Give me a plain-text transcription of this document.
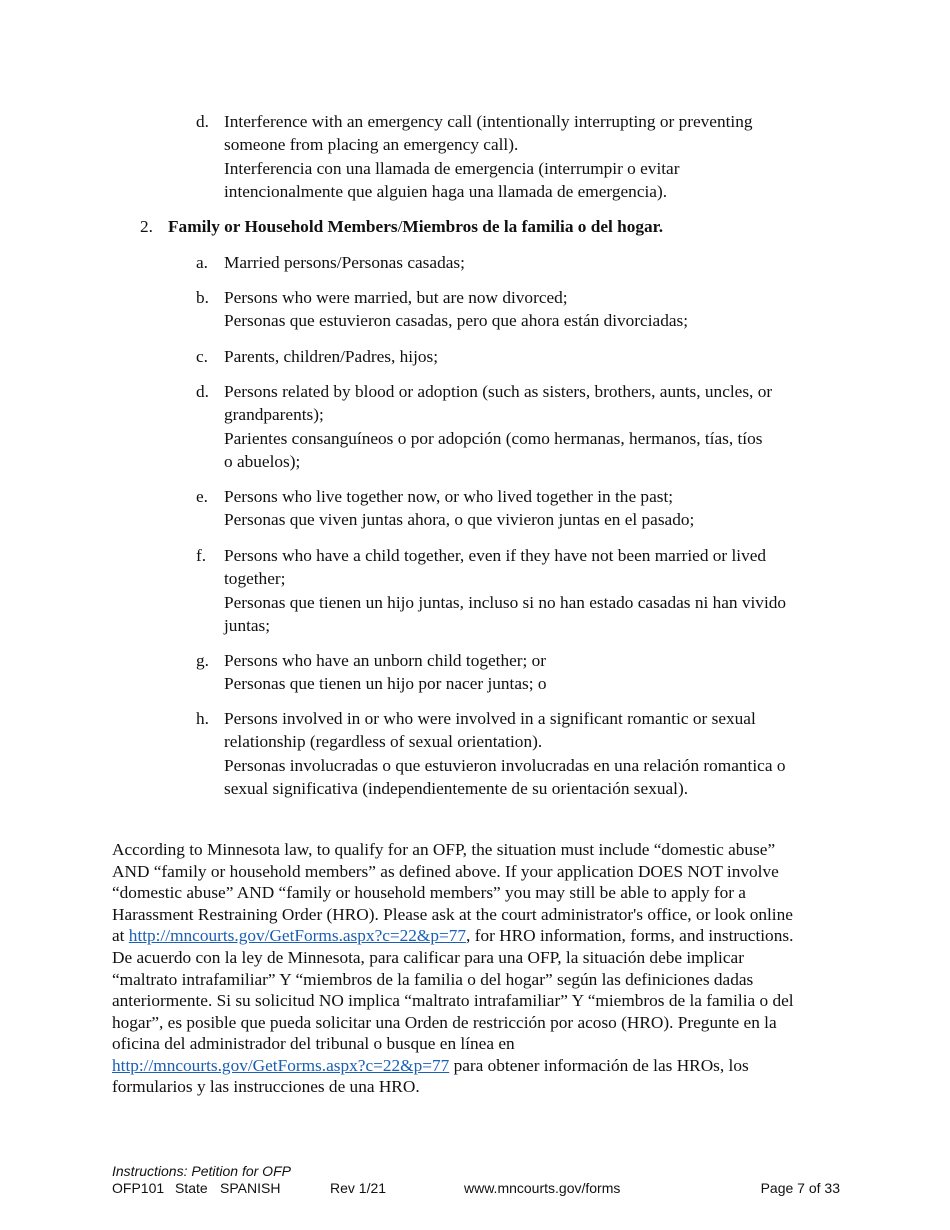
d. Interference with an emergency call (intentionally interrupting or preventing
someone from placing an emergency call).
Interferencia con una llamada de emergencia (interrumpir o evitar
intencionalmente que alguien haga una llamada de emergencia).
2. Family or Household Members/Miembros de la familia o del hogar.
a. Married persons/Personas casadas;
b. Persons who were married, but are now divorced;
Personas que estuvieron casadas, pero que ahora están divorciadas;
c. Parents, children/Padres, hijos;
d. Persons related by blood or adoption (such as sisters, brothers, aunts, uncles, or
grandparents);
Parientes consanguíneos o por adopción (como hermanas, hermanos, tías, tíos
o abuelos);
e. Persons who live together now, or who lived together in the past;
Personas que viven juntas ahora, o que vivieron juntas en el pasado;
f. Persons who have a child together, even if they have not been married or lived
together;
Personas que tienen un hijo juntas, incluso si no han estado casadas ni han vivido
juntas;
g. Persons who have an unborn child together; or
Personas que tienen un hijo por nacer juntas; o
h. Persons involved in or who were involved in a significant romantic or sexual
relationship (regardless of sexual orientation).
Personas involucradas o que estuvieron involucradas en una relación romantica o
sexual significativa (independientemente de su orientación sexual).
According to Minnesota law, to qualify for an OFP, the situation must include “domestic abuse”
AND “family or household members” as defined above. If your application DOES NOT involve
“domestic abuse” AND “family or household members” you may still be able to apply for a
Harassment Restraining Order (HRO). Please ask at the court administrator's office, or look online
at http://mncourts.gov/GetForms.aspx?c=22&p=77, for HRO information, forms, and instructions.
De acuerdo con la ley de Minnesota, para calificar para una OFP, la situación debe implicar
“maltrato intrafamiliar” Y “miembros de la familia o del hogar” según las definiciones dadas
anteriormente. Si su solicitud NO implica “maltrato intrafamiliar” Y “miembros de la familia o del
hogar”, es posible que pueda solicitar una Orden de restricción por acoso (HRO). Pregunte en la
oficina del administrador del tribunal o busque en línea en
http://mncourts.gov/GetForms.aspx?c=22&p=77 para obtener información de las HROs, los
formularios y las instrucciones de una HRO.
Instructions: Petition for OFP
OFP101 State SPANISH	Rev 1/21	www.mncourts.gov/forms	Page 7 of 33
